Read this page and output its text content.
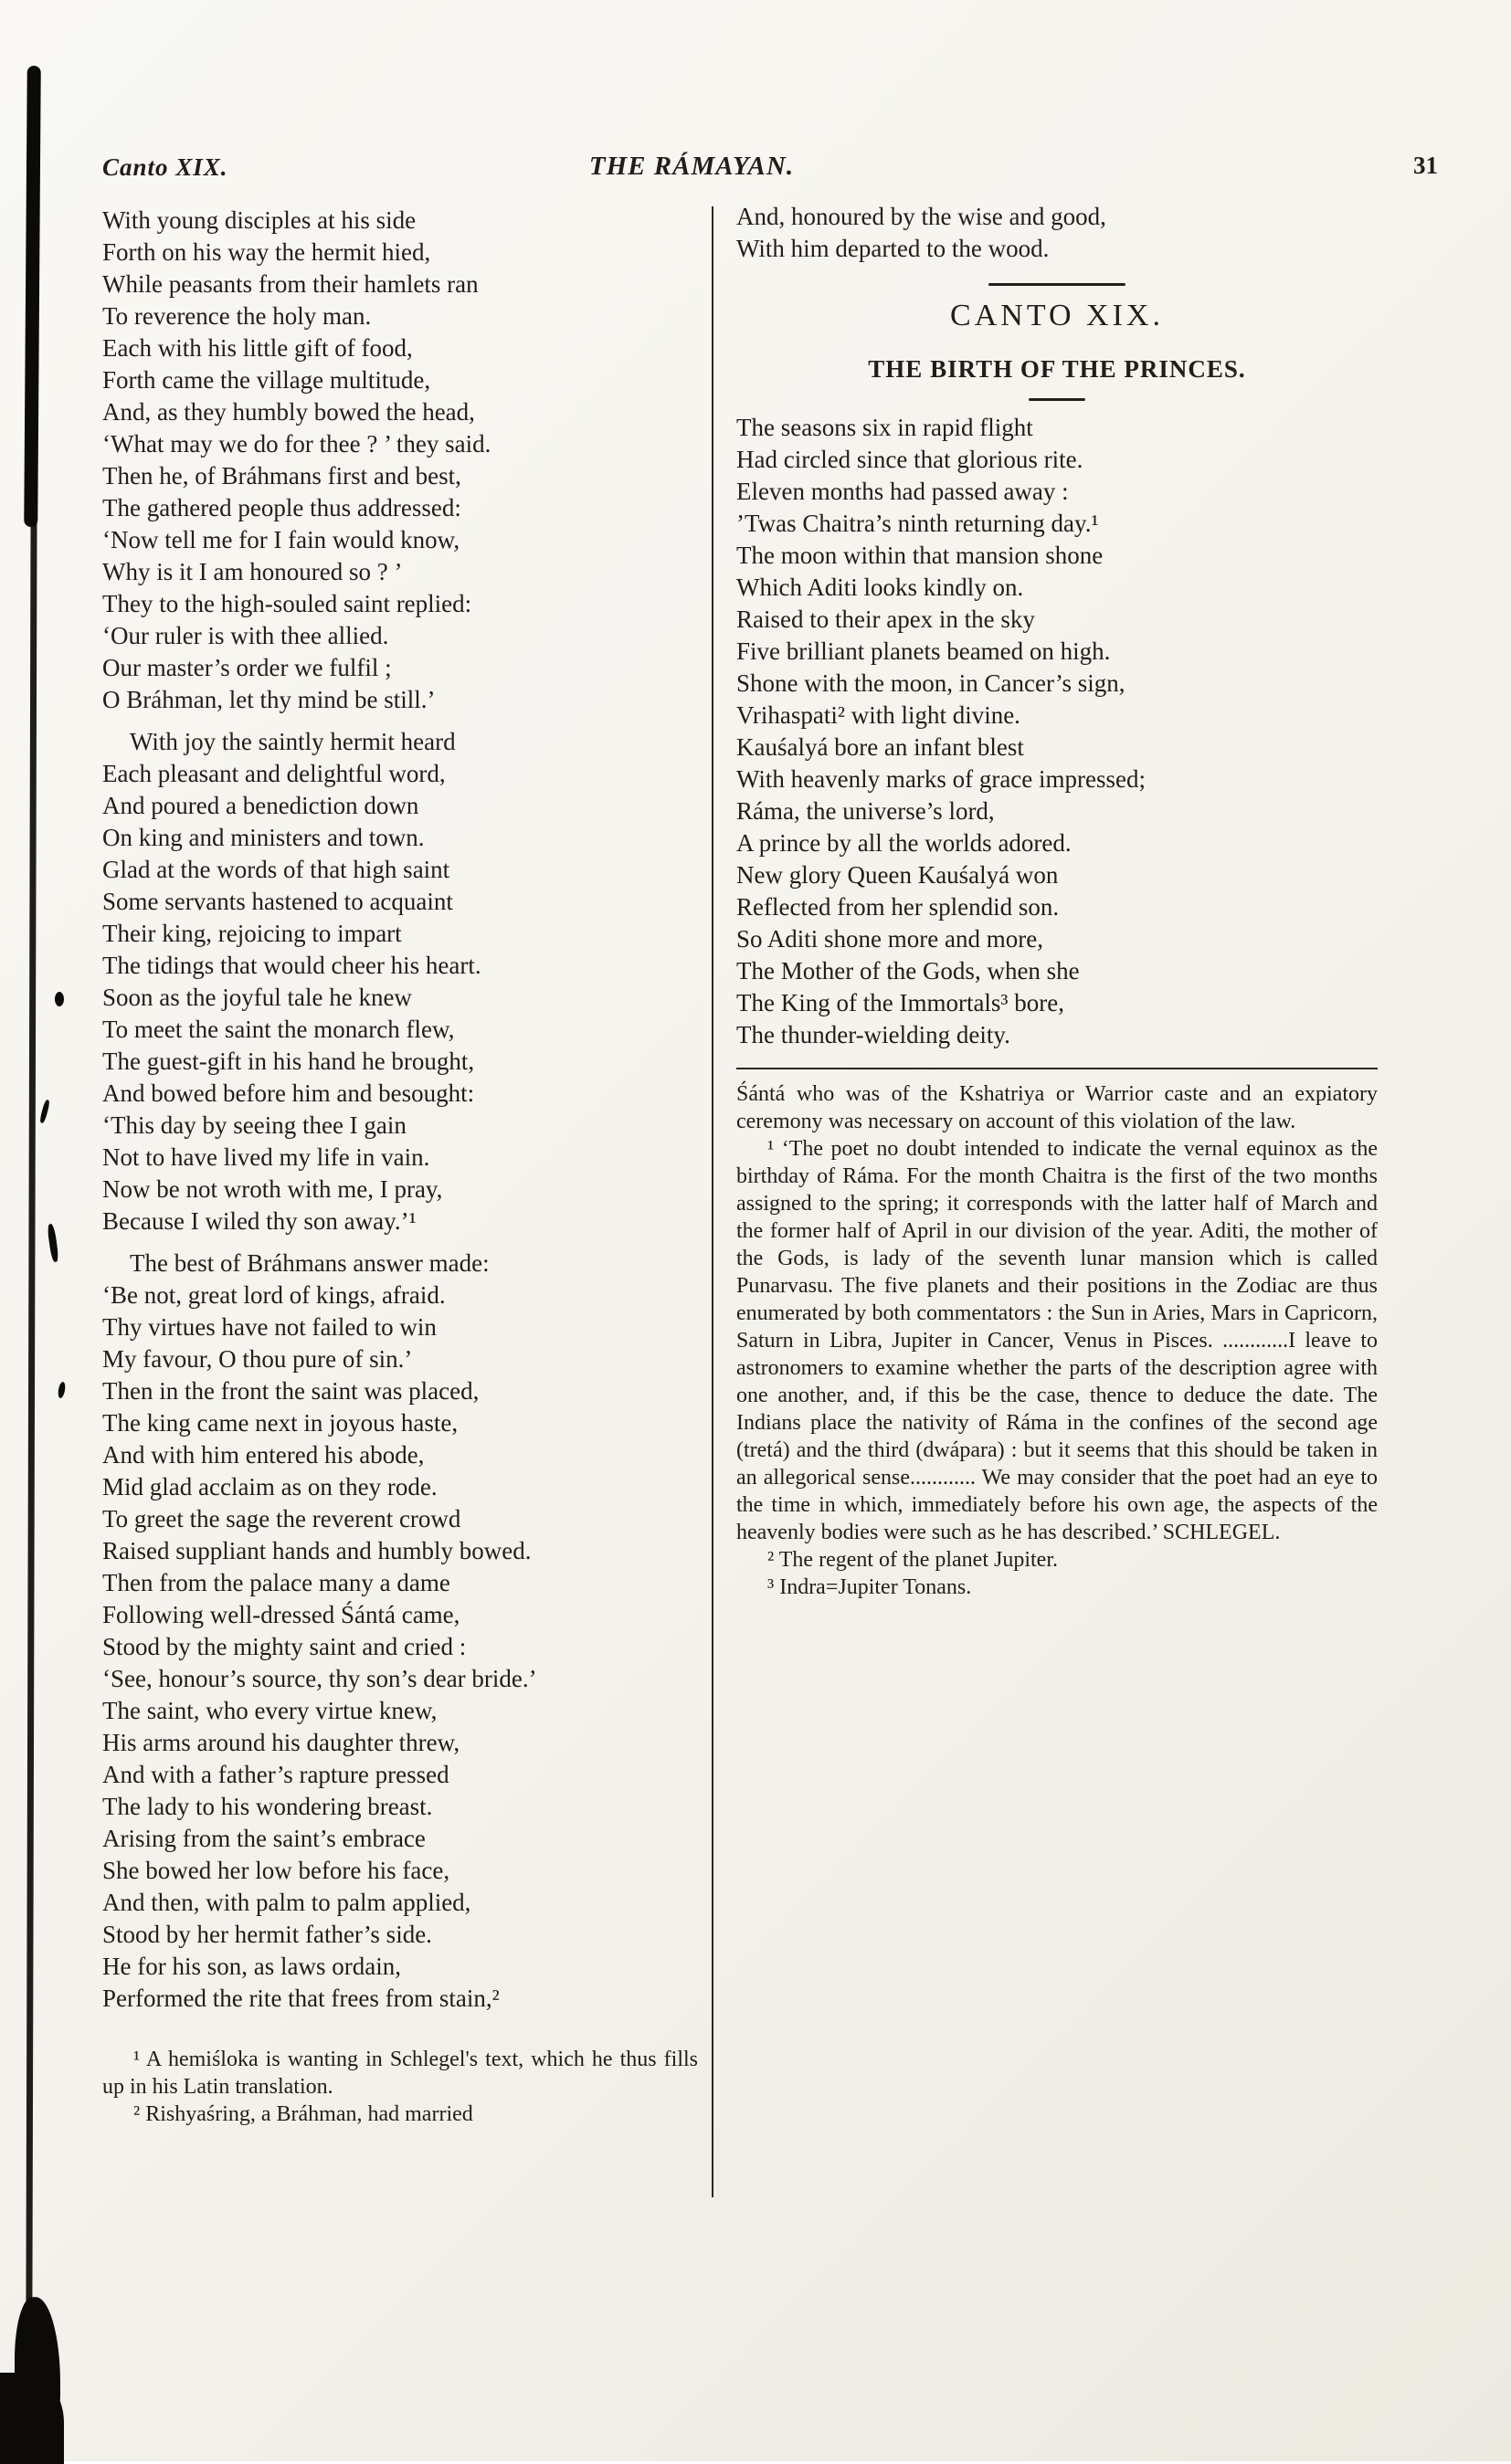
Canto XIX.	THE RÁMAYAN.	31
With young disciples at his side
Forth on his way the hermit hied,
While peasants from their hamlets ran
To reverence the holy man.
Each with his little gift of food,
Forth came the village multitude,
And, as they humbly bowed the head,
‘What may we do for thee ? ’ they said.
Then he, of Bráhmans first and best,
The gathered people thus addressed:
‘Now tell me for I fain would know,
Why is it I am honoured so ? ’
They to the high-souled saint replied:
‘Our ruler is with thee allied.
Our master’s order we fulfil ;
O Bráhman, let thy mind be still.’
With joy the saintly hermit heard
Each pleasant and delightful word,
And poured a benediction down
On king and ministers and town.
Glad at the words of that high saint
Some servants hastened to acquaint
Their king, rejoicing to impart
The tidings that would cheer his heart.
Soon as the joyful tale he knew
To meet the saint the monarch flew,
The guest-gift in his hand he brought,
And bowed before him and besought:
‘This day by seeing thee I gain
Not to have lived my life in vain.
Now be not wroth with me, I pray,
Because I wiled thy son away.’¹
The best of Bráhmans answer made:
‘Be not, great lord of kings, afraid.
Thy virtues have not failed to win
My favour, O thou pure of sin.’
Then in the front the saint was placed,
The king came next in joyous haste,
And with him entered his abode,
Mid glad acclaim as on they rode.
To greet the sage the reverent crowd
Raised suppliant hands and humbly bowed.
Then from the palace many a dame
Following well-dressed Śántá came,
Stood by the mighty saint and cried :
‘See, honour’s source, thy son’s dear bride.’
The saint, who every virtue knew,
His arms around his daughter threw,
And with a father’s rapture pressed
The lady to his wondering breast.
Arising from the saint’s embrace
She bowed her low before his face,
And then, with palm to palm applied,
Stood by her hermit father’s side.
He for his son, as laws ordain,
Performed the rite that frees from stain,²

¹ A hemiśloka is wanting in Schlegel's text, which he thus fills up in his Latin translation.

² Rishyaśring, a Bráhman, had married

And, honoured by the wise and good,
With him departed to the wood.
CANTO XIX.
THE BIRTH OF THE PRINCES.
The seasons six in rapid flight
Had circled since that glorious rite.
Eleven months had passed away :
’Twas Chaitra’s ninth returning day.¹
The moon within that mansion shone
Which Aditi looks kindly on.
Raised to their apex in the sky
Five brilliant planets beamed on high.
Shone with the moon, in Cancer’s sign,
Vrihaspati² with light divine.
Kauśalyá bore an infant blest
With heavenly marks of grace impressed;
Ráma, the universe’s lord,
A prince by all the worlds adored.
New glory Queen Kauśalyá won
Reflected from her splendid son.
So Aditi shone more and more,
The Mother of the Gods, when she
The King of the Immortals³ bore,
The thunder-wielding deity.

Śántá who was of the Kshatriya or Warrior caste and an expiatory ceremony was necessary on account of this violation of the law.

¹ ‘The poet no doubt intended to indicate the vernal equinox as the birthday of Ráma. For the month Chaitra is the first of the two months assigned to the spring; it corresponds with the latter half of March and the former half of April in our division of the year. Aditi, the mother of the Gods, is lady of the seventh lunar mansion which is called Punarvasu. The five planets and their positions in the Zodiac are thus enumerated by both commentators : the Sun in Aries, Mars in Capricorn, Saturn in Libra, Jupiter in Cancer, Venus in Pisces. ............I leave to astronomers to examine whether the parts of the description agree with one another, and, if this be the case, thence to deduce the date. The Indians place the nativity of Ráma in the confines of the second age (tretá) and the third (dwápara) : but it seems that this should be taken in an allegorical sense............ We may consider that the poet had an eye to the time in which, immediately before his own age, the aspects of the heavenly bodies were such as he has described.’ SCHLEGEL.

² The regent of the planet Jupiter.

³ Indra=Jupiter Tonans.
